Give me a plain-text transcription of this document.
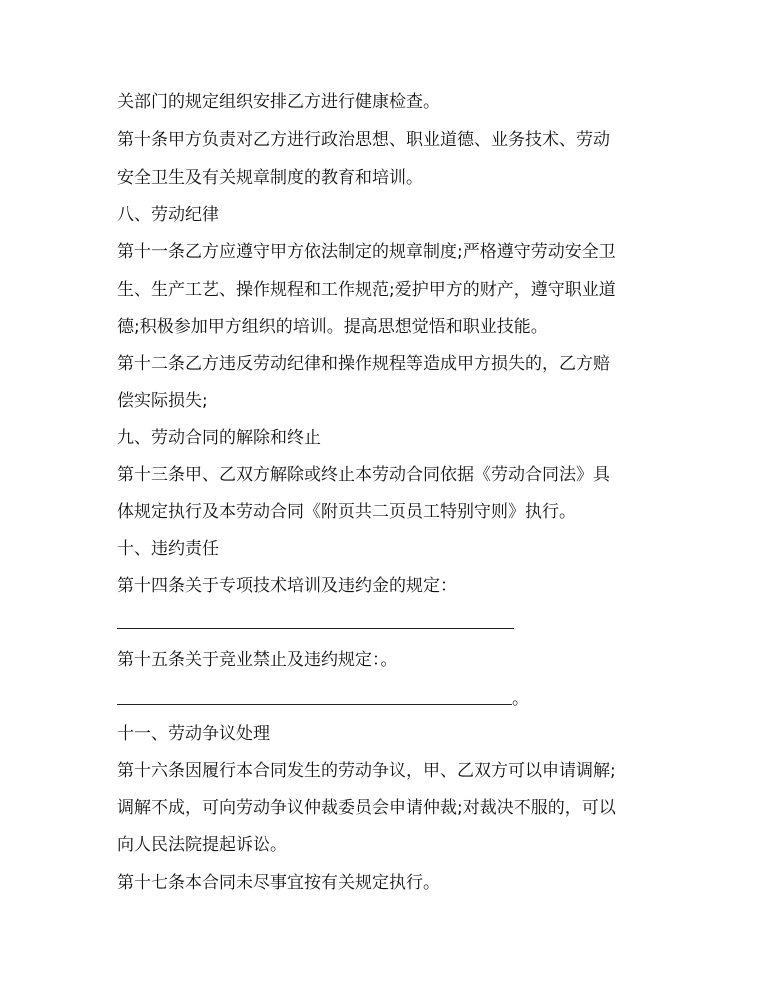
关部门的规定组织安排乙方进行健康检查。
第十条甲方负责对乙方进行政治思想、职业道德、业务技术、劳动
安全卫生及有关规章制度的教育和培训。
八、劳动纪律
第十一条乙方应遵守甲方依法制定的规章制度;严格遵守劳动安全卫
生、生产工艺、操作规程和工作规范;爱护甲方的财产，遵守职业道
德;积极参加甲方组织的培训。提高思想觉悟和职业技能。
第十二条乙方违反劳动纪律和操作规程等造成甲方损失的，乙方赔
偿实际损失;
九、劳动合同的解除和终止
第十三条甲、乙双方解除或终止本劳动合同依据《劳动合同法》具
体规定执行及本劳动合同《附页共二页员工特别守则》执行。
十、违约责任
第十四条关于专项技术培训及违约金的规定：
第十五条关于竞业禁止及违约规定：。
。
十一、劳动争议处理
第十六条因履行本合同发生的劳动争议，甲、乙双方可以申请调解;
调解不成，可向劳动争议仲裁委员会申请仲裁;对裁决不服的，可以
向人民法院提起诉讼。
第十七条本合同未尽事宜按有关规定执行。
